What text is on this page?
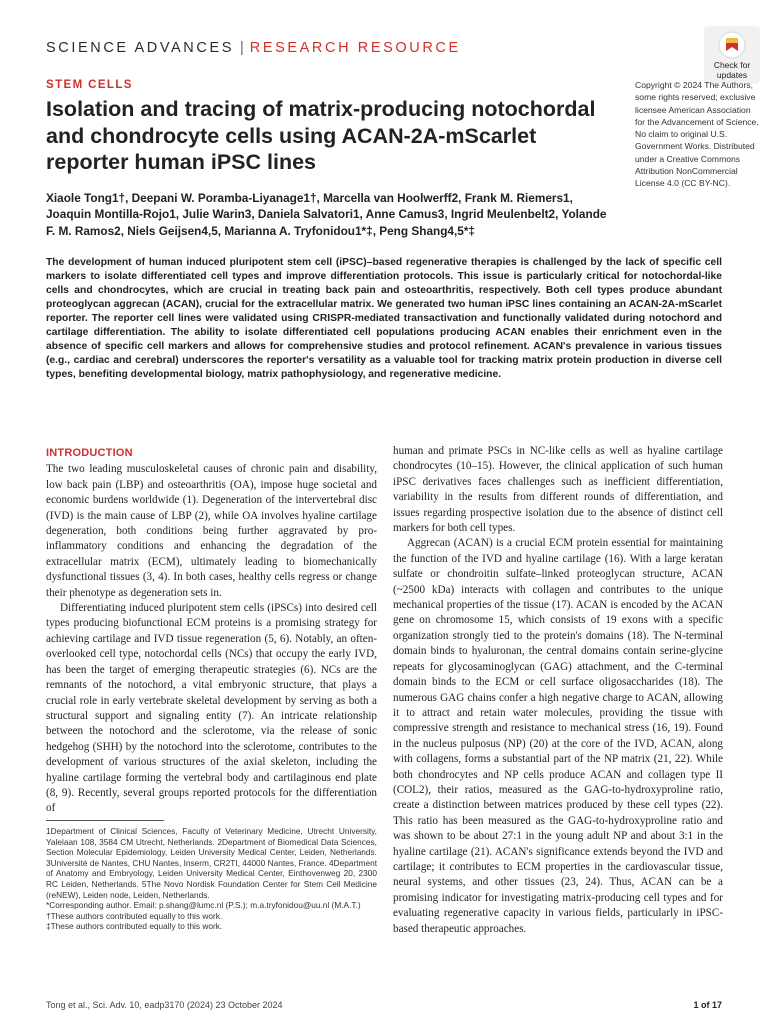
SCIENCE ADVANCES | RESEARCH RESOURCE
Check for
updates
STEM CELLS
Isolation and tracing of matrix-producing notochordal and chondrocyte cells using ACAN-2A-mScarlet reporter human iPSC lines
Xiaole Tong1†, Deepani W. Poramba-Liyanage1†, Marcella van Hoolwerff2, Frank M. Riemers1, Joaquin Montilla-Rojo1, Julie Warin3, Daniela Salvatori1, Anne Camus3, Ingrid Meulenbelt2, Yolande F. M. Ramos2, Niels Geijsen4,5, Marianna A. Tryfonidou1*‡, Peng Shang4,5*‡
Copyright © 2024 The Authors, some rights reserved; exclusive licensee American Association for the Advancement of Science. No claim to original U.S. Government Works. Distributed under a Creative Commons Attribution NonCommercial License 4.0 (CC BY-NC).

The development of human induced pluripotent stem cell (iPSC)–based regenerative therapies is challenged by the lack of specific cell markers to isolate differentiated cell types and improve differentiation protocols. This issue is particularly critical for notochordal-like cells and chondrocytes, which are crucial in treating back pain and osteoarthritis, respectively. Both cell types produce abundant proteoglycan aggrecan (ACAN), crucial for the extracellular matrix. We generated two human iPSC lines containing an ACAN-2A-mScarlet reporter. The reporter cell lines were validated using CRISPR-mediated transactivation and functionally validated during notochord and cartilage differentiation. The ability to isolate differentiated cell populations producing ACAN enables their enrichment even in the absence of specific cell markers and allows for comprehensive studies and protocol refinement. ACAN's prevalence in various tissues (e.g., cardiac and cerebral) underscores the reporter's versatility as a valuable tool for tracking matrix protein production in diverse cell types, benefiting developmental biology, matrix pathophysiology, and regenerative medicine.

INTRODUCTION

The two leading musculoskeletal causes of chronic pain and disability, low back pain (LBP) and osteoarthritis (OA), impose huge societal and economic burdens worldwide (1). Degeneration of the intervertebral disc (IVD) is the main cause of LBP (2), while OA involves hyaline cartilage degeneration, both conditions being further aggravated by pro-inflammatory conditions and enhancing the degradation of the extracellular matrix (ECM), ultimately leading to biomechanically dysfunctional tissues (3, 4). In both cases, healthy cells regress or change their phenotype as degeneration sets in.

Differentiating induced pluripotent stem cells (iPSCs) into desired cell types producing biofunctional ECM proteins is a promising strategy for achieving cartilage and IVD tissue regeneration (5, 6). Notably, an often-overlooked cell type, notochordal cells (NCs) that occupy the early IVD, has been the target of emerging therapeutic strategies (6). NCs are the remnants of the notochord, a vital embryonic structure, that plays a crucial role in early vertebrate skeletal development by serving as both a structural support and signaling entity (7). An intricate relationship between the notochord and the sclerotome, via the release of sonic hedgehog (SHH) by the notochord into the sclerotome, contributes to the development of various structures of the axial skeleton, including the hyaline cartilage forming the vertebral body and cartilaginous end plate (8, 9). Recently, several groups reported protocols for the differentiation of

human and primate PSCs in NC-like cells as well as hyaline cartilage chondrocytes (10–15). However, the clinical application of such human iPSC derivatives faces challenges such as inefficient differentiation, variability in the results from different rounds of differentiation, and issues regarding prospective isolation due to the absence of distinct cell markers for both cell types.

Aggrecan (ACAN) is a crucial ECM protein essential for maintaining the function of the IVD and hyaline cartilage (16). With a large keratan sulfate or chondroitin sulfate–linked proteoglycan structure, ACAN (~2500 kDa) interacts with collagen and contributes to the unique mechanical properties of the tissue (17). ACAN is encoded by the ACAN gene on chromosome 15, which consists of 19 exons with a specific organization strongly tied to the protein's domains (18). The N-terminal domain binds to hyaluronan, the central domains contain serine-glycine repeats for glycosaminoglycan (GAG) attachment, and the C-terminal domain binds to the ECM or cell surface oligosaccharides (18). The numerous GAG chains confer a high negative charge to ACAN, allowing it to attract and retain water molecules, providing the tissue with compressive strength and resistance to mechanical stress (16, 19). Found in the nucleus pulposus (NP) (20) at the core of the IVD, ACAN, along with collagens, forms a substantial part of the NP matrix (21, 22). While both chondrocytes and NP cells produce ACAN and collagen type II (COL2), their ratios, measured as the GAG-to-hydroxyproline ratio, create a distinction between matrices produced by these cell types (22). This ratio has been measured as the GAG-to-hydroxyproline ratio and was shown to be about 27:1 in the young adult NP and about 3:1 in the hyaline cartilage (21). ACAN's significance extends beyond the IVD and cartilage; it contributes to ECM properties in the cardiovascular tissue, neural systems, and other tissues (23, 24). Thus, ACAN can be a promising indicator for investigating matrix-producing cell types and for evaluating regenerative capacity in various fields, particularly in iPSC-based therapeutic approaches.

1Department of Clinical Sciences, Faculty of Veterinary Medicine, Utrecht University, Yalelaan 108, 3584 CM Utrecht, Netherlands. 2Department of Biomedical Data Sciences, Section Molecular Epidemiology, Leiden University Medical Center, Leiden, Netherlands. 3Université de Nantes, CHU Nantes, Inserm, CR2TI, 44000 Nantes, France. 4Department of Anatomy and Embryology, Leiden University Medical Center, Einthovenweg 20, 2300 RC Leiden, Netherlands. 5The Novo Nordisk Foundation Center for Stem Cell Medicine (reNEW), Leiden node, Leiden, Netherlands.

*Corresponding author. Email: p.shang@lumc.nl (P.S.); m.a.tryfonidou@uu.nl (M.A.T.)

†These authors contributed equally to this work.

‡These authors contributed equally to this work.

Tong et al., Sci. Adv. 10, eadp3170 (2024) 23 October 2024	1 of 17
